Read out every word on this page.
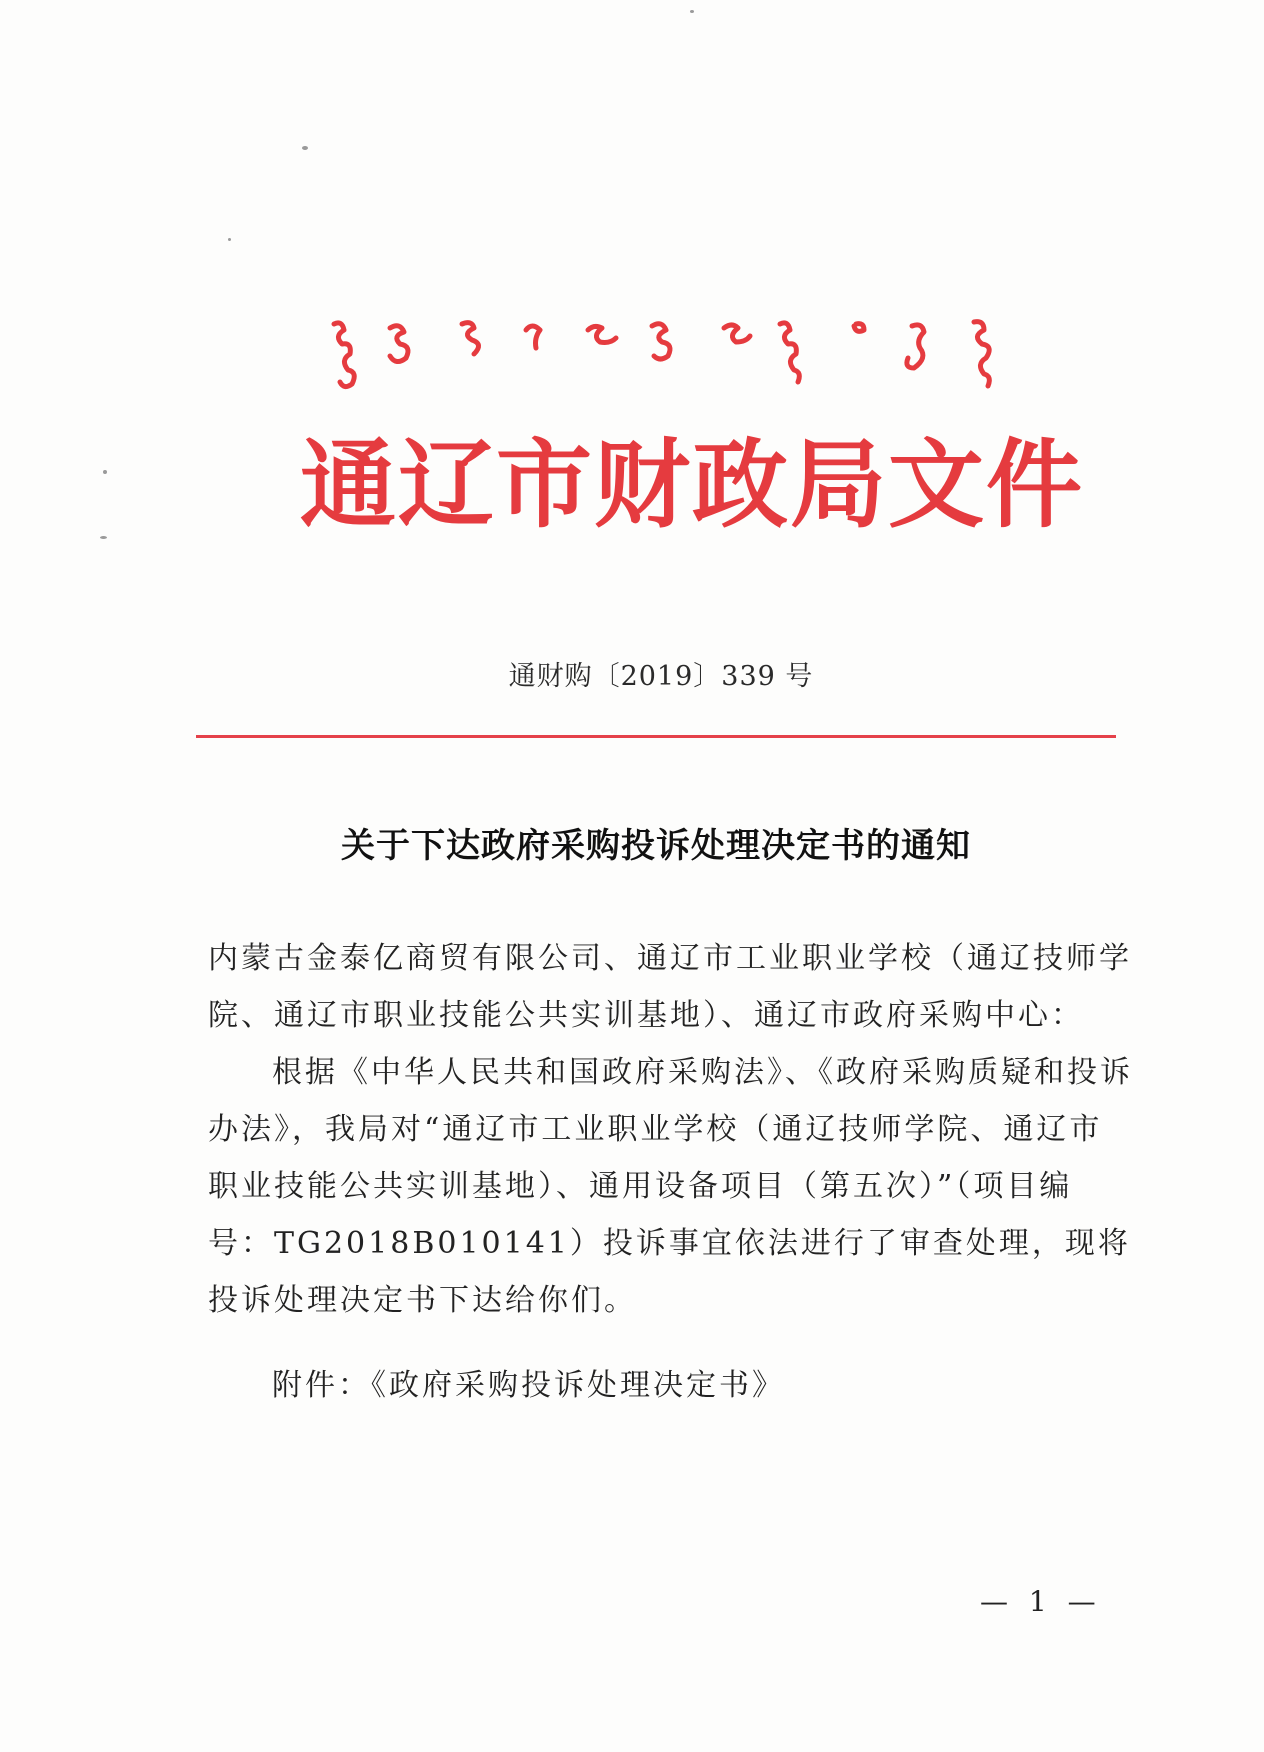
通辽市财政局文件
通财购〔2019〕339 号
关于下达政府采购投诉处理决定书的通知

内蒙古金泰亿商贸有限公司、通辽市工业职业学校（通辽技师学院、通辽市职业技能公共实训基地）、通辽市政府采购中心：

根据《中华人民共和国政府采购法》、《政府采购质疑和投诉办法》，我局对“通辽市工业职业学校（通辽技师学院、通辽市职业技能公共实训基地）、通用设备项目（第五次）”（项目编号：TG2018B010141）投诉事宜依法进行了审查处理，现将投诉处理决定书下达给你们。

附件：《政府采购投诉处理决定书》
— 1 —
